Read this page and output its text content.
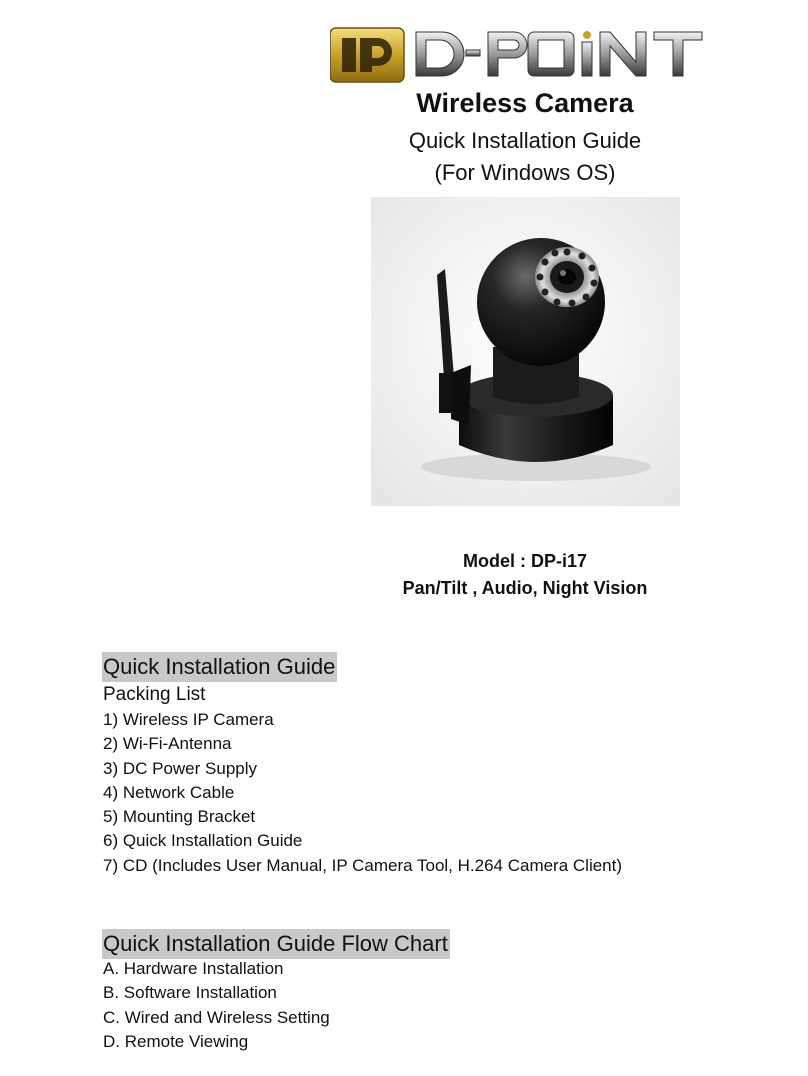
Wireless Camera

Quick Installation Guide

(For Windows OS)

Model : DP-i17

Pan/Tilt , Audio, Night Vision

Quick Installation Guide

Packing List

1) Wireless IP Camera
2) Wi-Fi-Antenna
3) DC Power Supply
4) Network Cable
5) Mounting Bracket
6) Quick Installation Guide
7) CD (Includes User Manual, IP Camera Tool, H.264 Camera Client)
Quick Installation Guide Flow Chart
A. Hardware Installation
B. Software Installation
C. Wired and Wireless Setting
D. Remote Viewing
